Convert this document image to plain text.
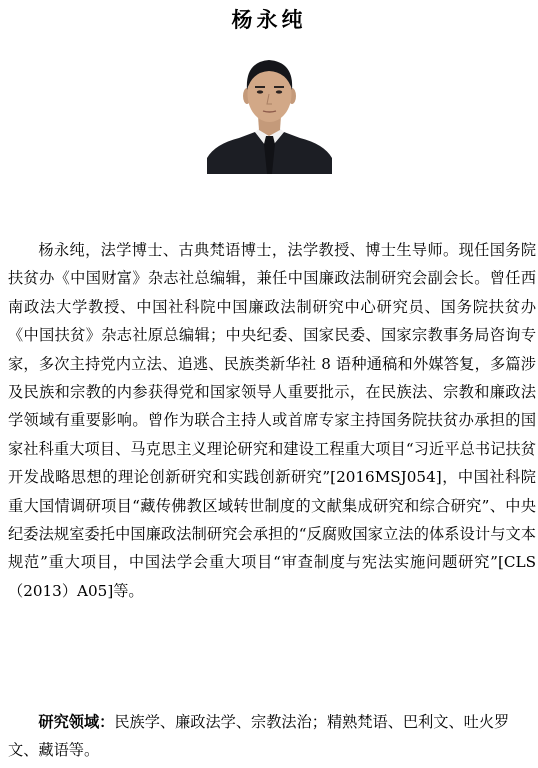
杨永纯

杨永纯，法学博士、古典梵语博士，法学教授、博士生导师。现任国务院扶贫办《中国财富》杂志社总编辑，兼任中国廉政法制研究会副会长。曾任西南政法大学教授、中国社科院中国廉政法制研究中心研究员、国务院扶贫办《中国扶贫》杂志社原总编辑；中央纪委、国家民委、国家宗教事务局咨询专家，多次主持党内立法、追逃、民族类新华社 8 语种通稿和外媒答复，多篇涉及民族和宗教的内参获得党和国家领导人重要批示，在民族法、宗教和廉政法学领域有重要影响。曾作为联合主持人或首席专家主持国务院扶贫办承担的国家社科重大项目、马克思主义理论研究和建设工程重大项目“习近平总书记扶贫开发战略思想的理论创新研究和实践创新研究”[2016MSJ054]，中国社科院重大国情调研项目“藏传佛教区域转世制度的文献集成研究和综合研究”、中央纪委法规室委托中国廉政法制研究会承担的“反腐败国家立法的体系设计与文本规范”重大项目，中国法学会重大项目“审查制度与宪法实施问题研究”[CLS（2013）A05]等。

研究领域：民族学、廉政法学、宗教法治；精熟梵语、巴利文、吐火罗文、藏语等。
